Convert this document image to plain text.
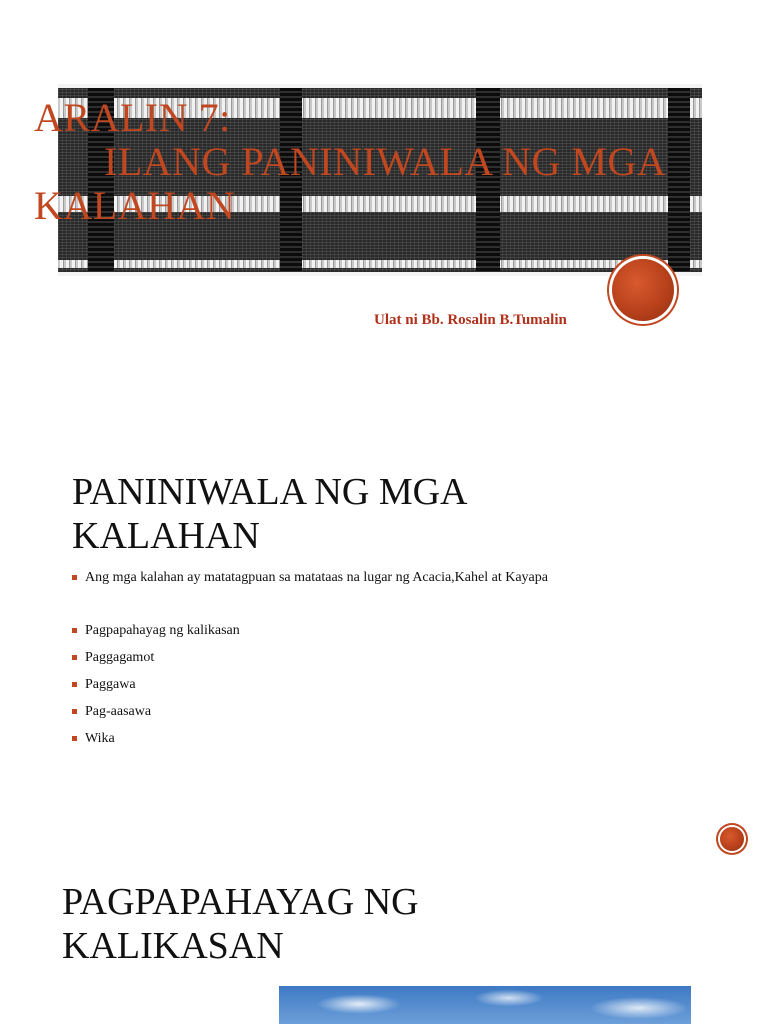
ARALIN 7:
ILANG PANINIWALA NG MGA
KALAHAN
Ulat ni Bb. Rosalin B.Tumalin
PANINIWALA NG MGA
KALAHAN
Ang mga kalahan ay matatagpuan sa matataas na lugar ng Acacia,Kahel at Kayapa
Pagpapahayag ng kalikasan
Paggagamot
Paggawa
Pag-aasawa
Wika
PAGPAPAHAYAG NG
KALIKASAN
